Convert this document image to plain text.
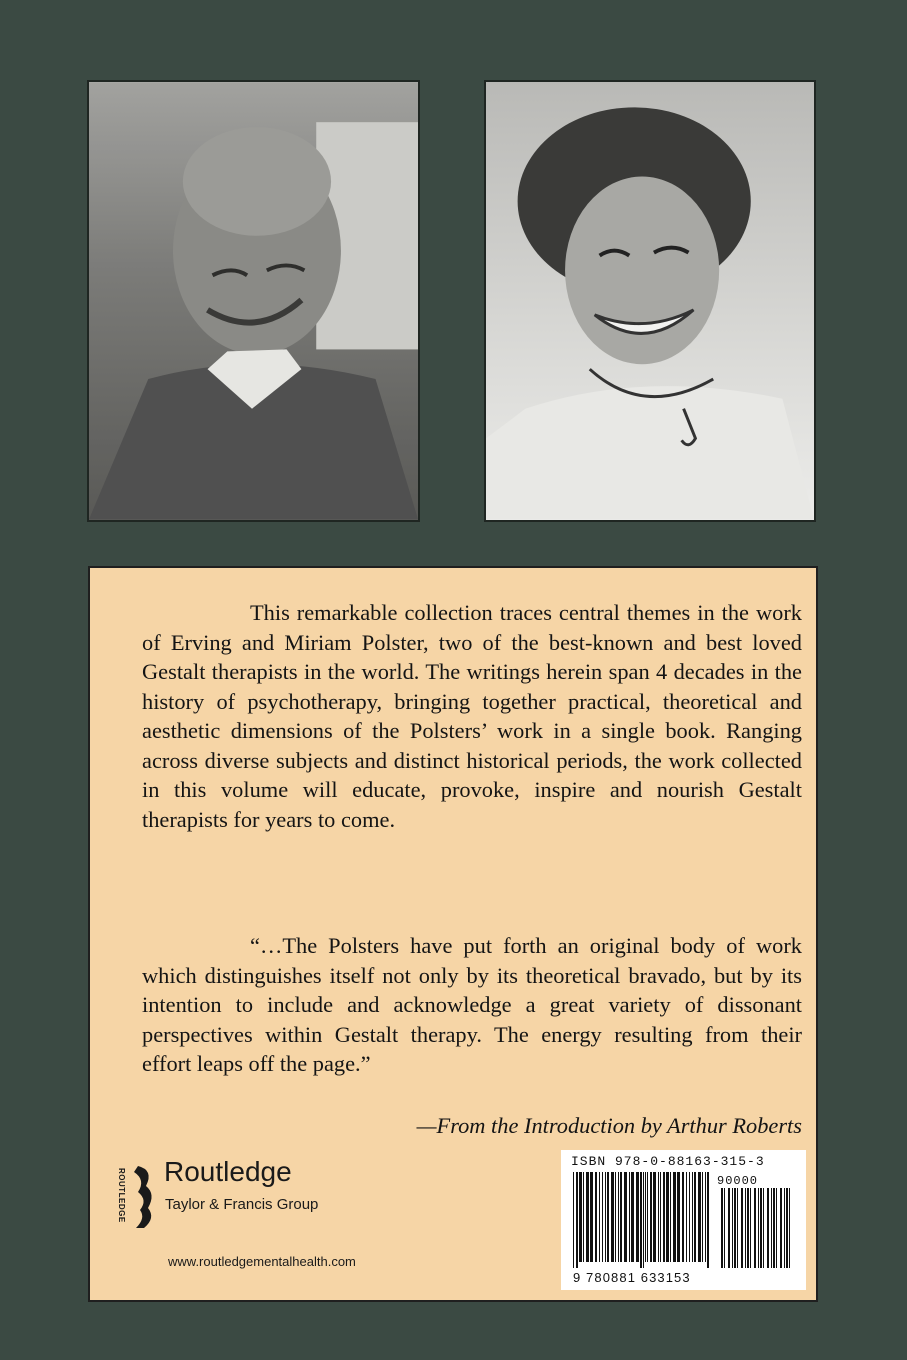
This remarkable collection traces central themes in the work of Erving and Miriam Polster, two of the best-known and best loved Gestalt therapists in the world. The writings herein span 4 decades in the history of psychotherapy, bringing together practical, theoretical and aesthetic dimensions of the Polsters’ work in a single book. Ranging across diverse subjects and distinct historical periods, the work collected in this volume will educate, provoke, inspire and nourish Gestalt therapists for years to come.

“…The Polsters have put forth an original body of work which distinguishes itself not only by its theoretical bravado, but by its intention to include and acknowledge a great variety of dissonant perspectives within Gestalt therapy. The energy resulting from their effort leaps off the page.”

—From the Introduction by Arthur Roberts

ROUTLEDGE Routledge
Taylor & Francis Group
www.routledgementalhealth.com
ISBN 978-0-88163-315-3
90000
9 780881 633153
